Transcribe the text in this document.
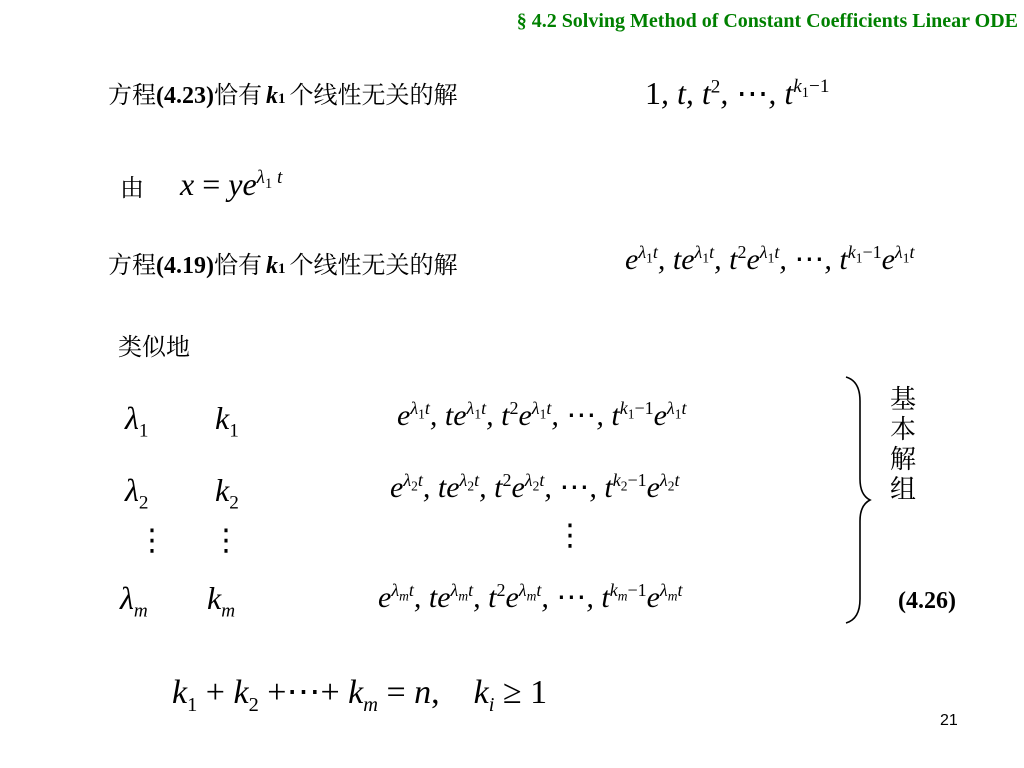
§ 4.2 Solving Method of Constant Coefficients Linear ODE
方程(4.23)恰有 k1 个线性无关的解	1, t, $t^2$, ⋯, $t^{k_1-1}$
由 $x = ye^{\lambda_1 t}$
方程(4.19)恰有 k1 个线性无关的解	$e^{\lambda_1t}$, $te^{\lambda_1t}$, $t^2e^{\lambda_1t}$, ⋯, $t^{k_1-1}e^{\lambda_1t}$
类似地
$\lambda_1$ $k_1$	$e^{\lambda_1t}$, $te^{\lambda_1t}$, $t^2e^{\lambda_1t}$, ⋯, $t^{k_1-1}e^{\lambda_1t}$
$\lambda_2$ $k_2$	$e^{\lambda_2t}$, $te^{\lambda_2t}$, $t^2e^{\lambda_2t}$, ⋯, $t^{k_2-1}e^{\lambda_2t}$
⋮ ⋮	⋮
$\lambda_m$ $k_m$	$e^{\lambda_mt}$, $te^{\lambda_mt}$, $t^2e^{\lambda_mt}$, ⋯, $t^{k_m-1}e^{\lambda_mt}$
基
本
解
组
(4.26)
$k_1 + k_2$ +⋯+ $k_m = n$,    $k_i \ge 1$
21
